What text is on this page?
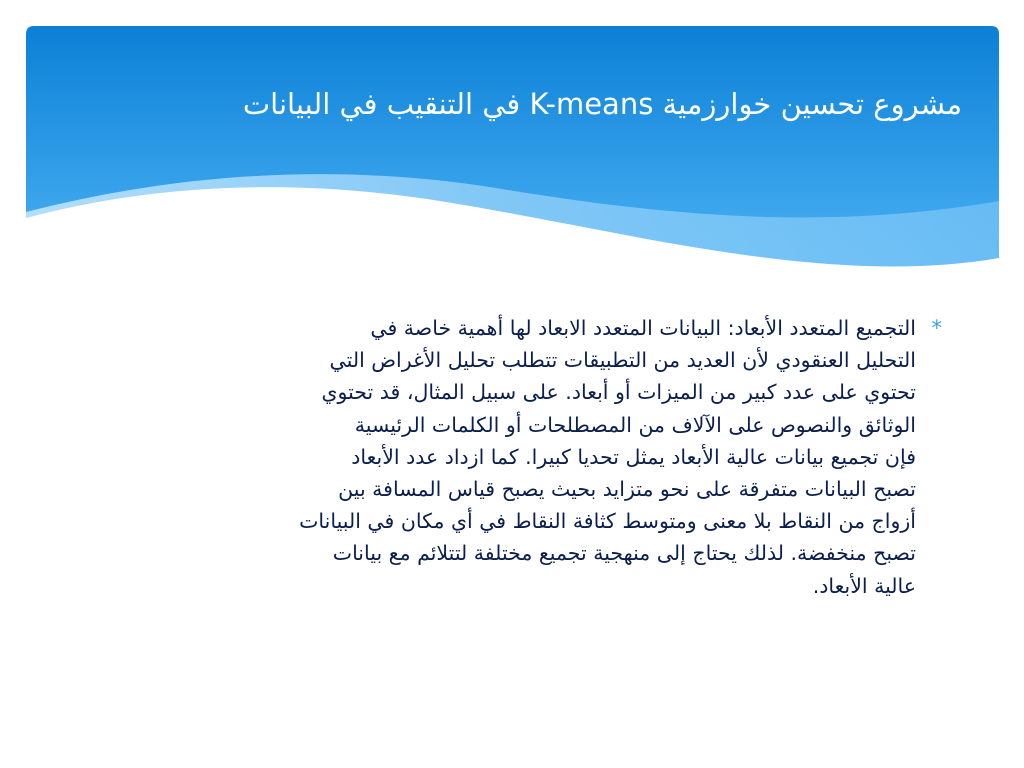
مشروع تحسين خوارزمية K-means في التنقيب في البيانات
*
التجميع المتعدد الأبعاد: البيانات المتعدد الابعاد لها أهمية خاصة في
التحليل العنقودي لأن العديد من التطبيقات تتطلب تحليل الأغراض التي
تحتوي على عدد كبير من الميزات أو أبعاد. على سبيل المثال، قد تحتوي
الوثائق والنصوص على الآلاف من المصطلحات أو الكلمات الرئيسية
فإن تجميع بيانات عالية الأبعاد يمثل تحديا كبيرا. كما ازداد عدد الأبعاد
تصبح البيانات متفرقة على نحو متزايد بحيث يصبح قياس المسافة بين
أزواج من النقاط بلا معنى ومتوسط كثافة النقاط في أي مكان في البيانات
تصبح منخفضة. لذلك يحتاج إلى منهجية تجميع مختلفة لتتلائم مع بيانات
عالية الأبعاد.
